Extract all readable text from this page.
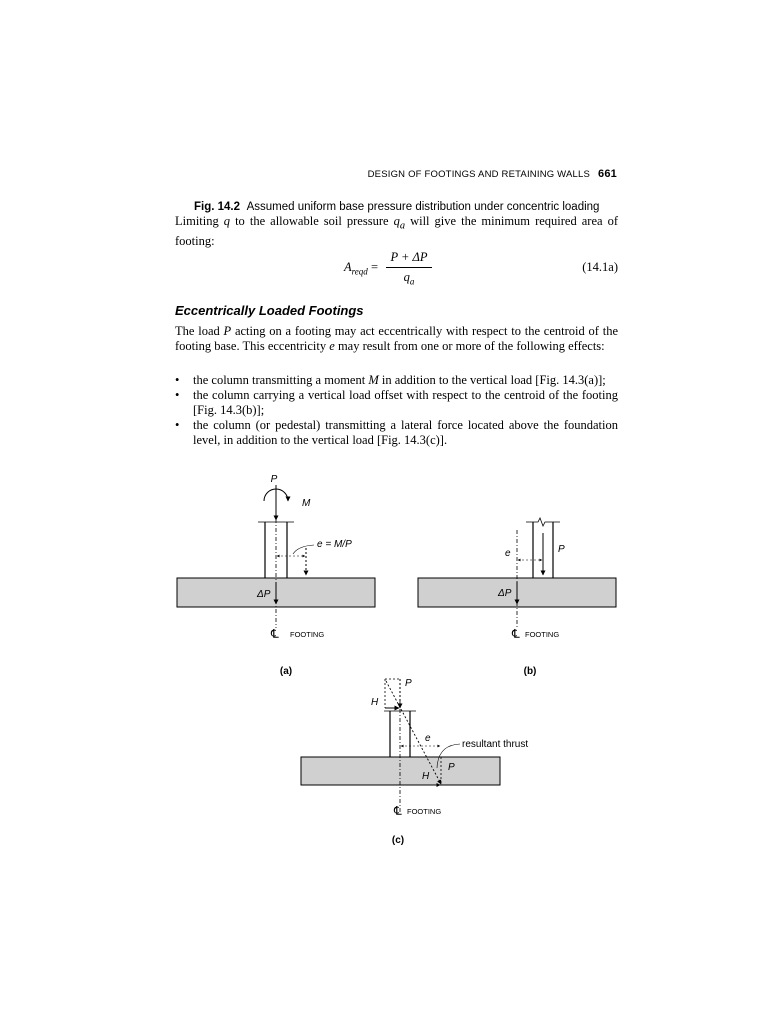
DESIGN OF FOOTINGS AND RETAINING WALLS 661
Fig. 14.2 Assumed uniform base pressure distribution under concentric loading
Limiting q to the allowable soil pressure $q_a$ will give the minimum required area of footing:
$A_{reqd}$ =
P + ΔP
$q_a$
(14.1a)
Eccentrically Loaded Footings
The load P acting on a footing may act eccentrically with respect to the centroid of the footing base. This eccentricity e may result from one or more of the following effects:
• the column transmitting a moment M in addition to the vertical load [Fig. 14.3(a)];
• the column carrying a vertical load offset with respect to the centroid of the footing [Fig. 14.3(b)];
• the column (or pedestal) transmitting a lateral force located above the foundation level, in addition to the vertical load [Fig. 14.3(c)].
P
M
e = M/P
ΔP
℄ FOOTING
(a)
e	P
ΔP
℄ FOOTING
(b)
P
H
e
resultant thrust
P
H
℄ FOOTING
(c)
